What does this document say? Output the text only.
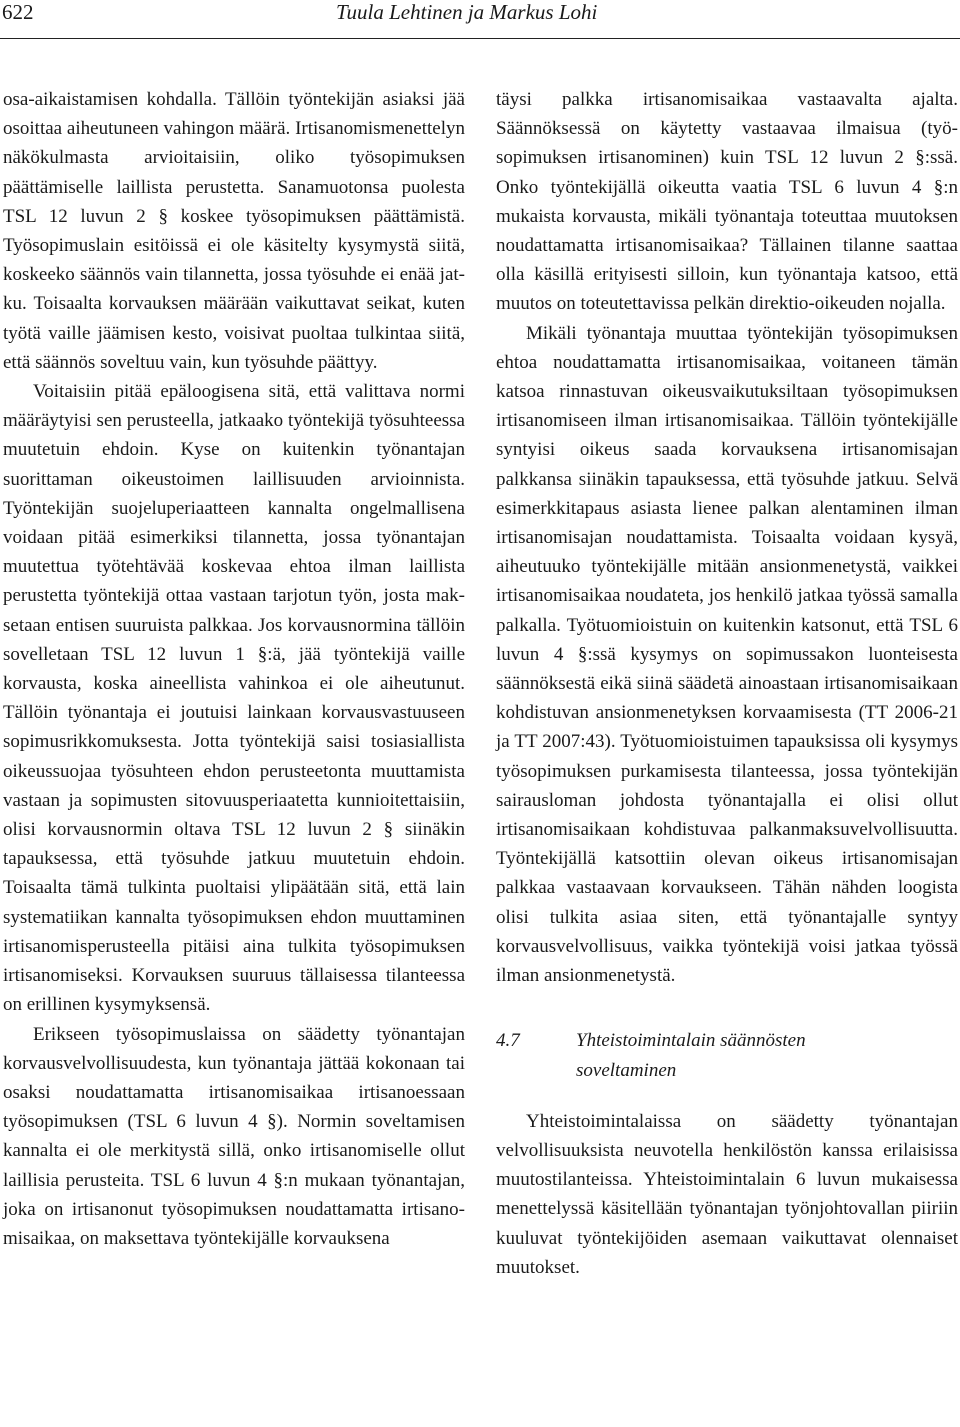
622	Tuula Lehtinen ja Markus Lohi

osa-aikaistamisen kohdalla. Tällöin työntekijän asiaksi jää osoittaa aiheutuneen vahingon määrä. Irtisanomismenettelyn näkökulmasta arvioitaisiin, oliko työsopimuksen päättämiselle laillista perustetta. Sanamuotonsa puolesta TSL 12 luvun 2 § koskee työsopimuksen päättämistä. Työsopimuslain esitöissä ei ole käsitelty kysymystä siitä, koskeeko säännös vain tilannetta, jossa työsuhde ei enää jatku. Toisaalta korvauksen määrään vaikuttavat seikat, kuten työtä vaille jäämisen kesto, voisivat puoltaa tulkintaa siitä, että säännös soveltuu vain, kun työsuhde päättyy.

Voitaisiin pitää epäloogisena sitä, että valittava normi määräytyisi sen perusteella, jatkaako työntekijä työsuhteessa muutetuin ehdoin. Kyse on kuitenkin työnantajan suorittaman oikeustoimen laillisuuden arvioinnista. Työntekijän suojeluperiaatteen kannalta ongelmallisena voidaan pitää esimerkiksi tilannetta, jossa työnantajan muutettua työtehtävää koskevaa ehtoa ilman laillista perustetta työntekijä ottaa vastaan tarjotun työn, josta maksetaan entisen suuruista palkkaa. Jos korvausnormina tällöin sovelletaan TSL 12 luvun 1 §:ä, jää työntekijä vaille korvausta, koska aineellista vahinkoa ei ole aiheutunut. Tällöin työnantaja ei joutuisi lainkaan korvausvastuuseen sopimusrikkomuksesta. Jotta työntekijä saisi tosiasiallista oikeussuojaa työsuhteen ehdon perusteetonta muuttamista vastaan ja sopimusten sitovuusperiaatetta kunnioitettaisiin, olisi korvausnormin oltava TSL 12 luvun 2 § siinäkin tapauksessa, että työsuhde jatkuu muutetuin ehdoin. Toisaalta tämä tulkinta puoltaisi ylipäätään sitä, että lain systematiikan kannalta työsopimuksen ehdon muuttaminen irtisanomisperusteella pitäisi aina tulkita työsopimuksen irtisanomiseksi. Korvauksen suuruus tällaisessa tilanteessa on erillinen kysymyksensä.

Erikseen työsopimuslaissa on säädetty työnantajan korvausvelvollisuudesta, kun työnantaja jättää kokonaan tai osaksi noudattamatta irtisanomisaikaa irtisanoessaan työsopimuksen (TSL 6 luvun 4 §). Normin soveltamisen kannalta ei ole merkitystä sillä, onko irtisanomiselle ollut laillisia perusteita. TSL 6 luvun 4 §:n mukaan työnantajan, joka on irtisanonut työsopimuksen noudattamatta irtisanomisaikaa, on maksettava työntekijälle korvauksena

täysi palkka irtisanomisaikaa vastaavalta ajalta. Säännöksessä on käytetty vastaavaa ilmaisua (työsopimuksen irtisanominen) kuin TSL 12 luvun 2 §:ssä. Onko työntekijällä oikeutta vaatia TSL 6 luvun 4 §:n mukaista korvausta, mikäli työnantaja toteuttaa muutoksen noudattamatta irtisanomisaikaa? Tällainen tilanne saattaa olla käsillä erityisesti silloin, kun työnantaja katsoo, että muutos on toteutettavissa pelkän direktio-oikeuden nojalla.

Mikäli työnantaja muuttaa työntekijän työsopimuksen ehtoa noudattamatta irtisanomisaikaa, voitaneen tämän katsoa rinnastuvan oikeusvaikutuksiltaan työsopimuksen irtisanomiseen ilman irtisanomisaikaa. Tällöin työntekijälle syntyisi oikeus saada korvauksena irtisanomisajan palkkansa siinäkin tapauksessa, että työsuhde jatkuu. Selvä esimerkkitapaus asiasta lienee palkan alentaminen ilman irtisanomisajan noudattamista. Toisaalta voidaan kysyä, aiheutuuko työntekijälle mitään ansionmenetystä, vaikkei irtisanomisaikaa noudateta, jos henkilö jatkaa työssä samalla palkalla. Työtuomioistuin on kuitenkin katsonut, että TSL 6 luvun 4 §:ssä kysymys on sopimussakon luonteisesta säännöksestä eikä siinä säädetä ainoastaan irtisanomisaikaan kohdistuvan ansionmenetyksen korvaamisesta (TT 2006-21 ja TT 2007:43). Työtuomioistuimen tapauksissa oli kysymys työsopimuksen purkamisesta tilanteessa, jossa työntekijän sairausloman johdosta työnantajalla ei olisi ollut irtisanomisaikaan kohdistuvaa palkanmaksuvelvollisuutta. Työntekijällä katsottiin olevan oikeus irtisanomisajan palkkaa vastaavaan korvaukseen. Tähän nähden loogista olisi tulkita asiaa siten, että työnantajalle syntyy korvausvelvollisuus, vaikka työntekijä voisi jatkaa työssä ilman ansionmenetystä.

4.7	Yhteistoimintalain säännösten soveltaminen

Yhteistoimintalaissa on säädetty työnantajan velvollisuuksista neuvotella henkilöstön kanssa erilaisissa muutostilanteissa. Yhteistoimintalain 6 luvun mukaisessa menettelyssä käsitellään työnantajan työnjohtovallan piiriin kuuluvat työntekijöiden asemaan vaikuttavat olennaiset muutokset.
